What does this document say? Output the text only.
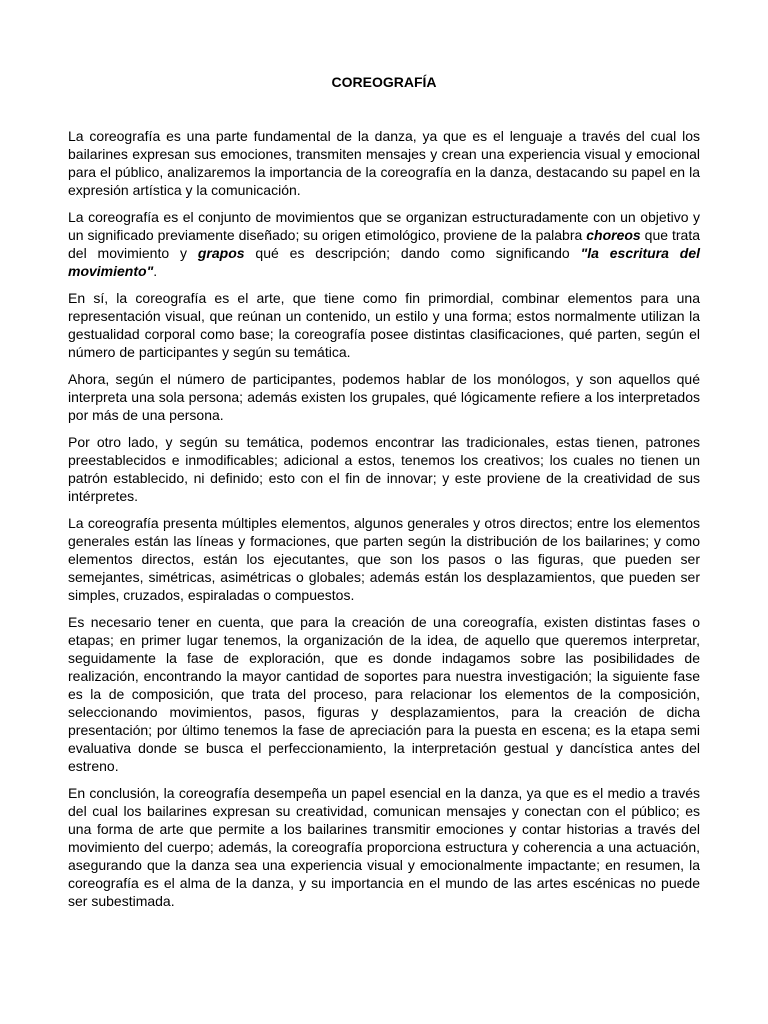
COREOGRAFÍA

La coreografía es una parte fundamental de la danza, ya que es el lenguaje a través del cual los bailarines expresan sus emociones, transmiten mensajes y crean una experiencia visual y emocional para el público, analizaremos la importancia de la coreografía en la danza, destacando su papel en la expresión artística y la comunicación.

La coreografía es el conjunto de movimientos que se organizan estructuradamente con un objetivo y un significado previamente diseñado; su origen etimológico, proviene de la palabra choreos que trata del movimiento y grapos qué es descripción; dando como significando "la escritura del movimiento".

En sí, la coreografía es el arte, que tiene como fin primordial, combinar elementos para una representación visual, que reúnan un contenido, un estilo y una forma; estos normalmente utilizan la gestualidad corporal como base; la coreografía posee distintas clasificaciones, qué parten, según el número de participantes y según su temática.

Ahora, según el número de participantes, podemos hablar de los monólogos, y son aquellos qué interpreta una sola persona; además existen los grupales, qué lógicamente refiere a los interpretados por más de una persona.

Por otro lado, y según su temática, podemos encontrar las tradicionales, estas tienen, patrones preestablecidos e inmodificables; adicional a estos, tenemos los creativos; los cuales no tienen un patrón establecido, ni definido; esto con el fin de innovar; y este proviene de la creatividad de sus intérpretes.

La coreografía presenta múltiples elementos, algunos generales y otros directos; entre los elementos generales están las líneas y formaciones, que parten según la distribución de los bailarines; y como elementos directos, están los ejecutantes, que son los pasos o las figuras, que pueden ser semejantes, simétricas, asimétricas o globales; además están los desplazamientos, que pueden ser simples, cruzados, espiraladas o compuestos.

Es necesario tener en cuenta, que para la creación de una coreografía, existen distintas fases o etapas; en primer lugar tenemos, la organización de la idea, de aquello que queremos interpretar, seguidamente la fase de exploración, que es donde indagamos sobre las posibilidades de realización, encontrando la mayor cantidad de soportes para nuestra investigación; la siguiente fase es la de composición, que trata del proceso, para relacionar los elementos de la composición, seleccionando movimientos, pasos, figuras y desplazamientos, para la creación de dicha presentación; por último tenemos la fase de apreciación para la puesta en escena; es la etapa semi evaluativa donde se busca el perfeccionamiento, la interpretación gestual y dancística antes del estreno.

En conclusión, la coreografía desempeña un papel esencial en la danza, ya que es el medio a través del cual los bailarines expresan su creatividad, comunican mensajes y conectan con el público; es una forma de arte que permite a los bailarines transmitir emociones y contar historias a través del movimiento del cuerpo; además, la coreografía proporciona estructura y coherencia a una actuación, asegurando que la danza sea una experiencia visual y emocionalmente impactante; en resumen, la coreografía es el alma de la danza, y su importancia en el mundo de las artes escénicas no puede ser subestimada.
